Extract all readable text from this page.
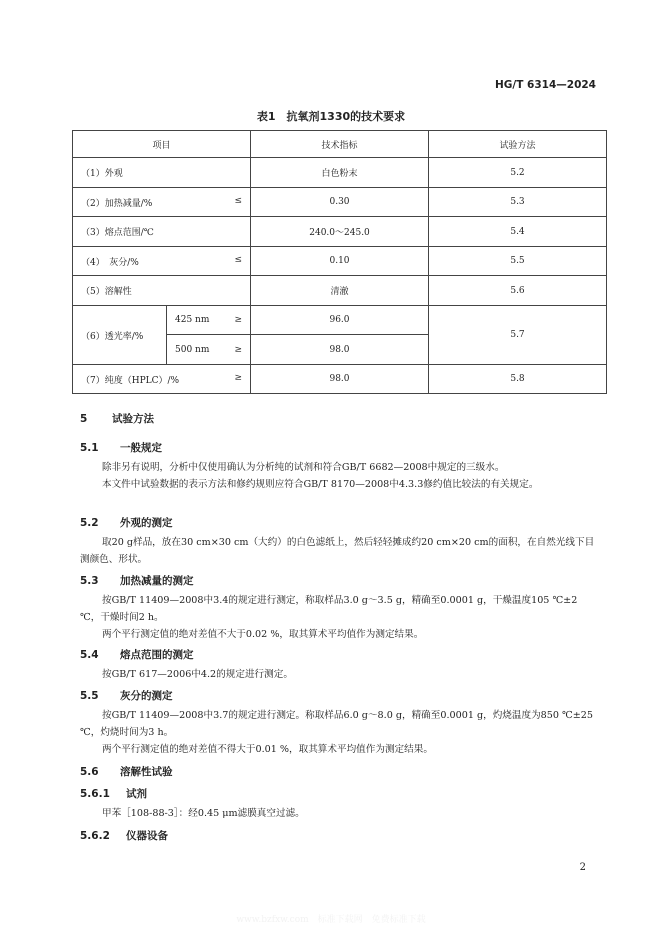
HG/T 6314—2024
表1　抗氧剂1330的技术要求
项目		技术指标	试验方法

（1）外观		白色粉末	5.2

（2）加热减量/% ≤		0.30	5.3

（3）熔点范围/℃		240.0～245.0	5.4

（4）　灰分/% ≤		0.10	5.5

（5）溶解性		清澈	5.6
（6）透光率/%	425 nm ≥	96.0	5.7

	500 nm ≥	98.0	

（7）纯度（HPLC）/% ≥		98.0	5.8
5 试验方法
5.1 一般规定
除非另有说明，分析中仅使用确认为分析纯的试剂和符合GB/T 6682—2008中规定的三级水。
本文件中试验数据的表示方法和修约规则应符合GB/T 8170—2008中4.3.3修约值比较法的有关规定。
5.2 外观的测定
取20 g样品，放在30 cm×30 cm（大约）的白色滤纸上，然后轻轻摊成约20 cm×20 cm的面积，在自然光线下目测颜色、形状。
5.3 加热减量的测定
按GB/T 11409—2008中3.4的规定进行测定，称取样品3.0 g～3.5 g，精确至0.0001 g，干燥温度105 ℃±2 ℃，干燥时间2 h。
两个平行测定值的绝对差值不大于0.02 %，取其算术平均值作为测定结果。
5.4 熔点范围的测定
按GB/T 617—2006中4.2的规定进行测定。
5.5 灰分的测定
按GB/T 11409—2008中3.7的规定进行测定。称取样品6.0 g～8.0 g，精确至0.0001 g，灼烧温度为850 ℃±25 ℃，灼烧时间为3 h。
两个平行测定值的绝对差值不得大于0.01 %，取其算术平均值作为测定结果。
5.6 溶解性试验
5.6.1 试剂
甲苯［108-88-3］：经0.45 μm滤膜真空过滤。
5.6.2 仪器设备
2
www.bzfxw.com　标准下载网　免费标准下载
